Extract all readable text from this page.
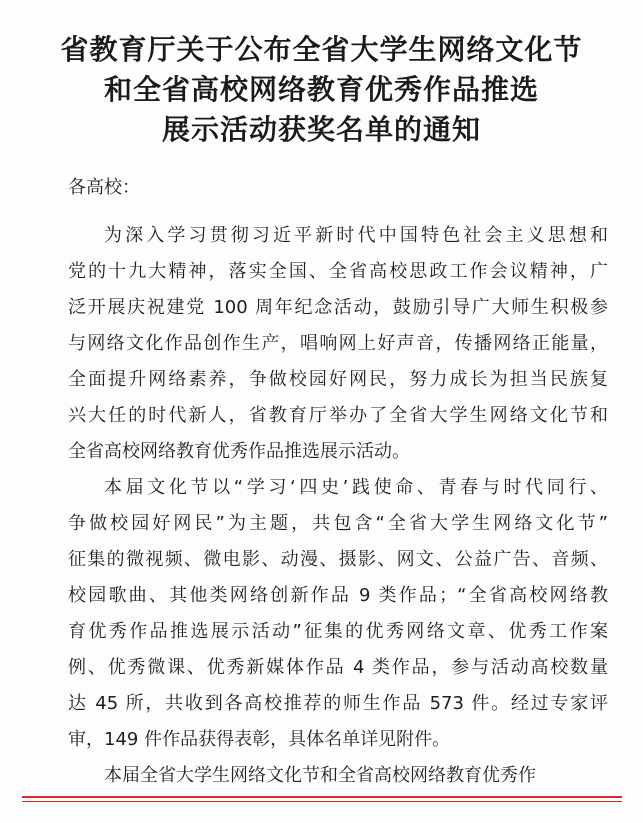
省教育厅关于公布全省大学生网络文化节
和全省高校网络教育优秀作品推选
展示活动获奖名单的通知
各高校：
为深入学习贯彻习近平新时代中国特色社会主义思想和
党的十九大精神，落实全国、全省高校思政工作会议精神，广
泛开展庆祝建党 100 周年纪念活动，鼓励引导广大师生积极参
与网络文化作品创作生产，唱响网上好声音，传播网络正能量，
全面提升网络素养，争做校园好网民，努力成长为担当民族复
兴大任的时代新人，省教育厅举办了全省大学生网络文化节和
全省高校网络教育优秀作品推选展示活动。
本届文化节以“学习‘四史’践使命、青春与时代同行、
争做校园好网民”为主题，共包含“全省大学生网络文化节”
征集的微视频、微电影、动漫、摄影、网文、公益广告、音频、
校园歌曲、其他类网络创新作品 9 类作品；“全省高校网络教
育优秀作品推选展示活动”征集的优秀网络文章、优秀工作案
例、优秀微课、优秀新媒体作品 4 类作品，参与活动高校数量
达 45 所，共收到各高校推荐的师生作品 573 件。经过专家评
审，149 件作品获得表彰，具体名单详见附件。
本届全省大学生网络文化节和全省高校网络教育优秀作
